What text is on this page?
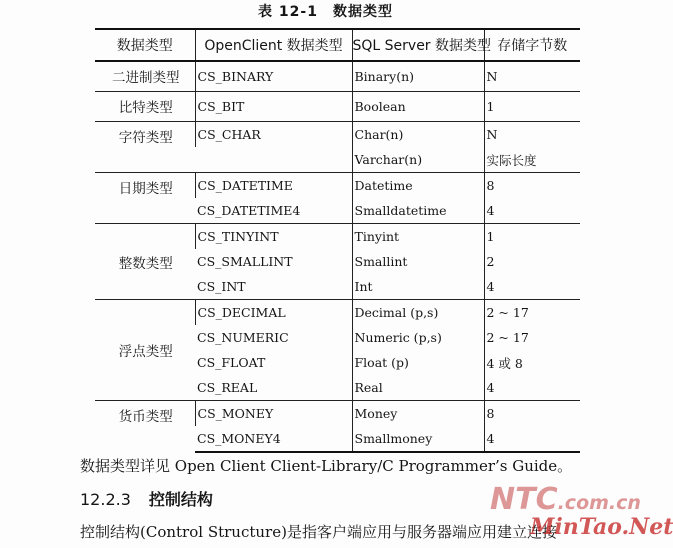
表 12-1　数据类型
数据类型	OpenClient 数据类型	SQL Server 数据类型	存储字节数
二进制类型	CS_BINARY	Binary(n)	N
比特类型	CS_BIT	Boolean	1
字符类型	CS_CHAR	Char(n)	N
		Varchar(n)	实际长度
日期类型	CS_DATETIME	Datetime	8
	CS_DATETIME4	Smalldatetime	4
整数类型	CS_TINYINT	Tinyint	1
	CS_SMALLINT	Smallint	2
	CS_INT	Int	4
浮点类型	CS_DECIMAL	Decimal (p,s)	2 ~ 17
	CS_NUMERIC	Numeric (p,s)	2 ~ 17
	CS_FLOAT	Float (p)	4 或 8
	CS_REAL	Real	4
货币类型	CS_MONEY	Money	8
	CS_MONEY4	Smallmoney	4
数据类型详见 Open Client Client-Library/C Programmer’s Guide。
12.2.3 控制结构
控制结构(Control Structure)是指客户端应用与服务器端应用建立连接
NTC.com.cn
MinTao.Net
